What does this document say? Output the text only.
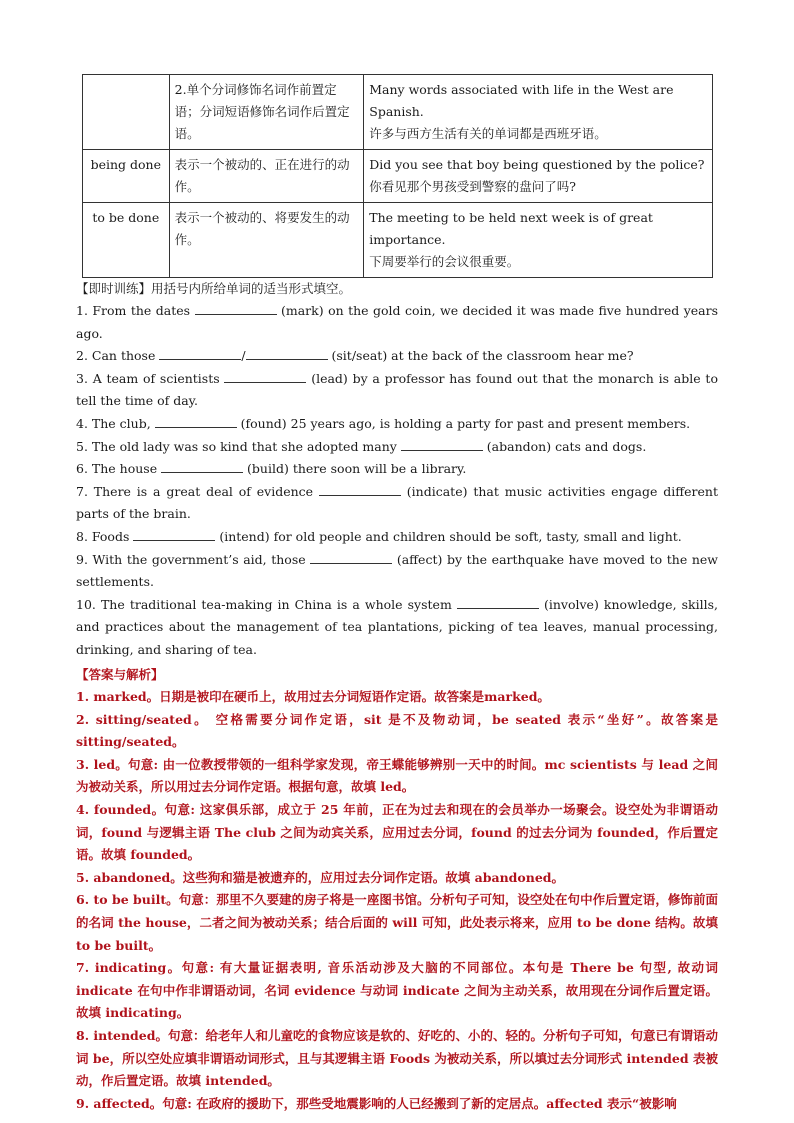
	2.单个分词修饰名词作前置定语；分词短语修饰名词作后置定语。	Many words associated with life in the West are Spanish.
许多与西方生活有关的单词都是西班牙语。

being done	表示一个被动的、正在进行的动作。	Did you see that boy being questioned by the police?
你看见那个男孩受到警察的盘问了吗?

to be done	表示一个被动的、将要发生的动作。	The meeting to be held next week is of great importance.
下周要举行的会议很重要。
【即时训练】用括号内所给单词的适当形式填空。
1. From the dates	(mark) on the gold coin, we decided it was made five hundred years ago.
2. Can those	/	(sit/seat) at the back of the classroom hear me?
3. A team of scientists	(lead) by a professor has found out that the monarch is able to tell the time of day.
4. The club,	(found) 25 years ago, is holding a party for past and present members.
5. The old lady was so kind that she adopted many	(abandon) cats and dogs.
6. The house	(build) there soon will be a library.
7. There is a great deal of evidence	(indicate) that music activities engage different parts of the brain.
8. Foods	(intend) for old people and children should be soft, tasty, small and light.
9. With the government’s aid, those	(affect) by the earthquake have moved to the new settlements.
10. The traditional tea-making in China is a whole system	(involve) knowledge, skills, and practices about the management of tea plantations, picking of tea leaves, manual processing, drinking, and sharing of tea.
【答案与解析】
1. marked。日期是被印在硬币上，故用过去分词短语作定语。故答案是marked。
2. sitting/seated。 空格需要分词作定语，sit 是不及物动词，be seated 表示“坐好”。故答案是 sitting/seated。
3. led。句意: 由一位教授带领的一组科学家发现，帝王蝶能够辨别一天中的时间。mc scientists 与 lead 之间为被动关系，所以用过去分词作定语。根据句意，故填 led。
4. founded。句意: 这家俱乐部，成立于 25 年前，正在为过去和现在的会员举办一场聚会。设空处为非谓语动词，found 与逻辑主语 The club 之间为动宾关系，应用过去分词，found 的过去分词为 founded，作后置定语。故填 founded。
5. abandoned。这些狗和猫是被遗弃的，应用过去分词作定语。故填 abandoned。
6. to be built。句意：那里不久要建的房子将是一座图书馆。分析句子可知，设空处在句中作后置定语，修饰前面的名词 the house，二者之间为被动关系；结合后面的 will 可知，此处表示将来，应用 to be done 结构。故填 to be built。
7. indicating。句意: 有大量证据表明, 音乐活动涉及大脑的不同部位。本句是 There be 句型, 故动词 indicate 在句中作非谓语动词，名词 evidence 与动词 indicate 之间为主动关系，故用现在分词作后置定语。故填 indicating。
8. intended。句意：给老年人和儿童吃的食物应该是软的、好吃的、小的、轻的。分析句子可知，句意已有谓语动词 be，所以空处应填非谓语动词形式，且与其逻辑主语 Foods 为被动关系，所以填过去分词形式 intended 表被动，作后置定语。故填 intended。
9. affected。句意: 在政府的援助下，那些受地震影响的人已经搬到了新的定居点。affected 表示“被影响
